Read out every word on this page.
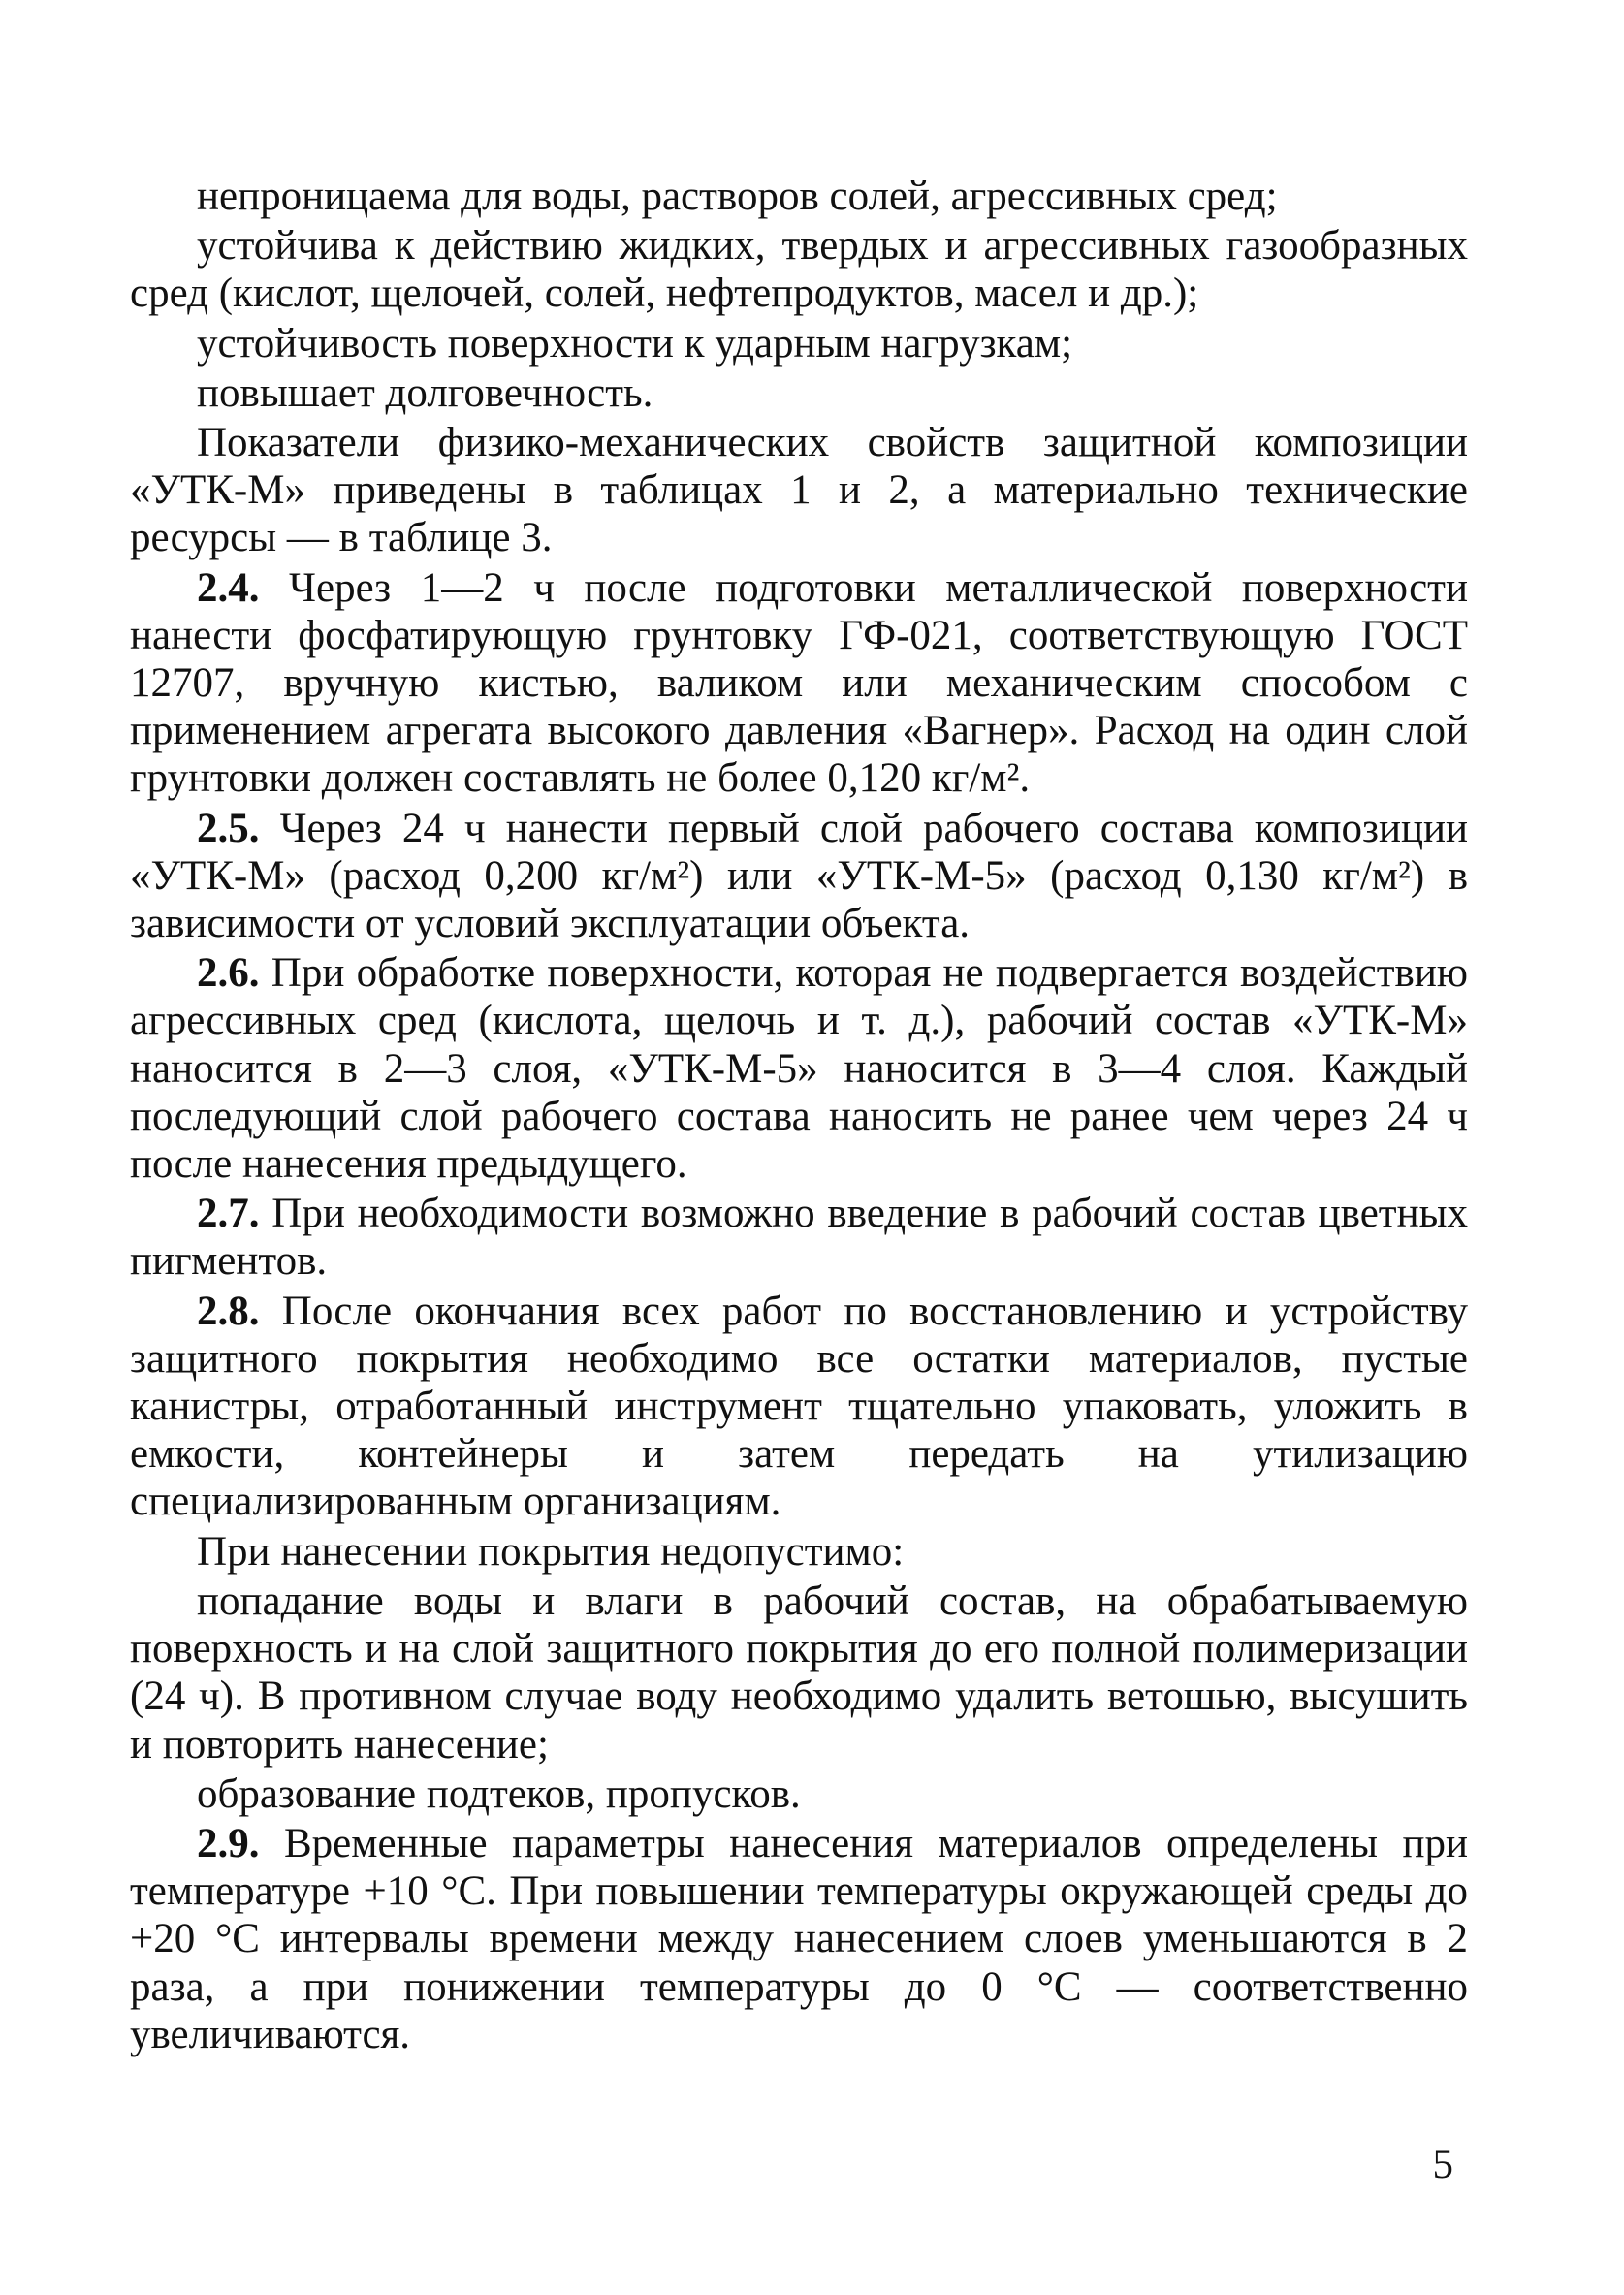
непроницаема для воды, растворов солей, агрессивных сред;

устойчива к действию жидких, твердых и агрессивных газообразных сред (кислот, щелочей, солей, нефтепродуктов, масел и др.);

устойчивость поверхности к ударным нагрузкам;

повышает долговечность.

Показатели физико-механических свойств защитной композиции «УТК-М» приведены в таблицах 1 и 2, а материально технические ресурсы — в таблице 3.

2.4. Через 1—2 ч после подготовки металлической поверхности нанести фосфатирующую грунтовку ГФ-021, соответствующую ГОСТ 12707, вручную кистью, валиком или механическим способом с применением агрегата высокого давления «Вагнер». Расход на один слой грунтовки должен составлять не более 0,120 кг/м².

2.5. Через 24 ч нанести первый слой рабочего состава композиции «УТК-М» (расход 0,200 кг/м²) или «УТК-М-5» (расход 0,130 кг/м²) в зависимости от условий эксплуатации объекта.

2.6. При обработке поверхности, которая не подвергается воздействию агрессивных сред (кислота, щелочь и т. д.), рабочий состав «УТК-М» наносится в 2—3 слоя, «УТК-М-5» наносится в 3—4 слоя. Каждый последующий слой рабочего состава наносить не ранее чем через 24 ч после нанесения предыдущего.

2.7. При необходимости возможно введение в рабочий состав цветных пигментов.

2.8. После окончания всех работ по восстановлению и устройству защитного покрытия необходимо все остатки материалов, пустые канистры, отработанный инструмент тщательно упаковать, уложить в емкости, контейнеры и затем передать на утилизацию специализированным организациям.

При нанесении покрытия недопустимо:

попадание воды и влаги в рабочий состав, на обрабатываемую поверхность и на слой защитного покрытия до его полной полимеризации (24 ч). В противном случае воду необходимо удалить ветошью, высушить и повторить нанесение;

образование подтеков, пропусков.

2.9. Временные параметры нанесения материалов определены при температуре +10 °С. При повышении температуры окружающей среды до +20 °С интервалы времени между нанесением слоев уменьшаются в 2 раза, а при понижении температуры до 0 °С — соответственно увеличиваются.

5
